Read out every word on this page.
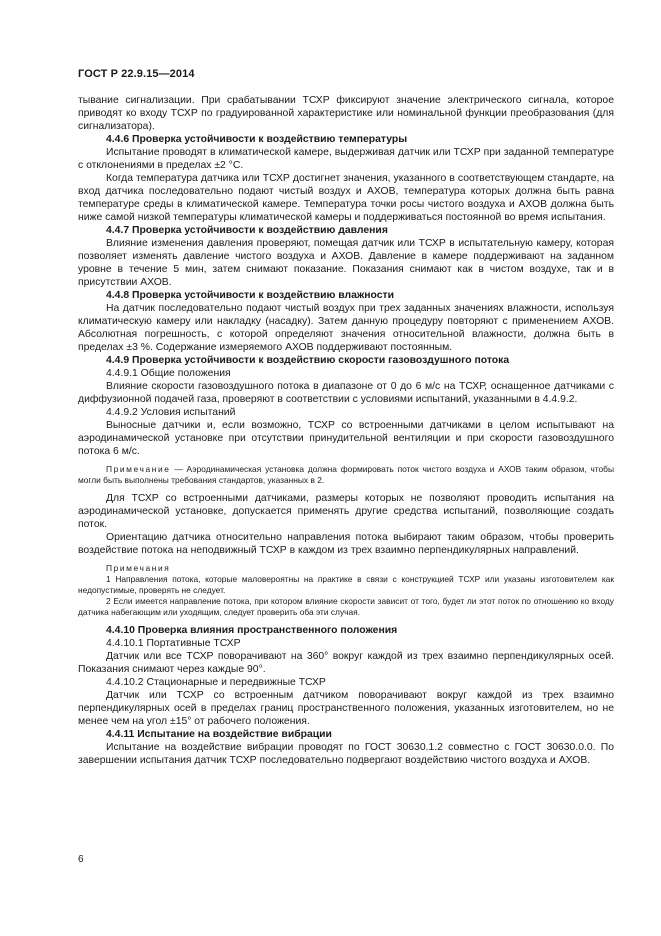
ГОСТ Р 22.9.15—2014

тывание сигнализации. При срабатывании ТСХР фиксируют значение электрического сигнала, которое приводят ко входу ТСХР по градуированной характеристике или номинальной функции преобразования (для сигнализатора).

4.4.6 Проверка устойчивости к воздействию температуры

Испытание проводят в климатической камере, выдерживая датчик или ТСХР при заданной температуре с отклонениями в пределах ±2 °С.

Когда температура датчика или ТСХР достигнет значения, указанного в соответствующем стандарте, на вход датчика последовательно подают чистый воздух и АХОВ, температура которых должна быть равна температуре среды в климатической камере. Температура точки росы чистого воздуха и АХОВ должна быть ниже самой низкой температуры климатической камеры и поддерживаться постоянной во время испытания.

4.4.7 Проверка устойчивости к воздействию давления

Влияние изменения давления проверяют, помещая датчик или ТСХР в испытательную камеру, которая позволяет изменять давление чистого воздуха и АХОВ. Давление в камере поддерживают на заданном уровне в течение 5 мин, затем снимают показание. Показания снимают как в чистом воздухе, так и в присутствии АХОВ.

4.4.8 Проверка устойчивости к воздействию влажности

На датчик последовательно подают чистый воздух при трех заданных значениях влажности, используя климатическую камеру или накладку (насадку). Затем данную процедуру повторяют с применением АХОВ. Абсолютная погрешность, с которой определяют значения относительной влажности, должна быть в пределах ±3 %. Содержание измеряемого АХОВ поддерживают постоянным.

4.4.9 Проверка устойчивости к воздействию скорости газовоздушного потока

4.4.9.1 Общие положения

Влияние скорости газовоздушного потока в диапазоне от 0 до 6 м/с на ТСХР, оснащенное датчиками с диффузионной подачей газа, проверяют в соответствии с условиями испытаний, указанными в 4.4.9.2.

4.4.9.2 Условия испытаний

Выносные датчики и, если возможно, ТСХР со встроенными датчиками в целом испытывают на аэродинамической установке при отсутствии принудительной вентиляции и при скорости газовоздушного потока 6 м/с.

Примечание — Аэродинамическая установка должна формировать поток чистого воздуха и АХОВ таким образом, чтобы могли быть выполнены требования стандартов, указанных в 2.

Для ТСХР со встроенными датчиками, размеры которых не позволяют проводить испытания на аэродинамической установке, допускается применять другие средства испытаний, позволяющие создать поток.

Ориентацию датчика относительно направления потока выбирают таким образом, чтобы проверить воздействие потока на неподвижный ТСХР в каждом из трех взаимно перпендикулярных направлений.

Примечания

1 Направления потока, которые маловероятны на практике в связи с конструкцией ТСХР или указаны изготовителем как недопустимые, проверять не следует.

2 Если имеется направление потока, при котором влияние скорости зависит от того, будет ли этот поток по отношению ко входу датчика набегающим или уходящим, следует проверить оба эти случая.

4.4.10 Проверка влияния пространственного положения

4.4.10.1 Портативные ТСХР

Датчик или все ТСХР поворачивают на 360° вокруг каждой из трех взаимно перпендикулярных осей. Показания снимают через каждые 90°.

4.4.10.2 Стационарные и передвижные ТСХР

Датчик или ТСХР со встроенным датчиком поворачивают вокруг каждой из трех взаимно перпендикулярных осей в пределах границ пространственного положения, указанных изготовителем, но не менее чем на угол ±15° от рабочего положения.

4.4.11 Испытание на воздействие вибрации

Испытание на воздействие вибрации проводят по ГОСТ 30630.1.2 совместно с ГОСТ 30630.0.0. По завершении испытания датчик ТСХР последовательно подвергают воздействию чистого воздуха и АХОВ.

6
